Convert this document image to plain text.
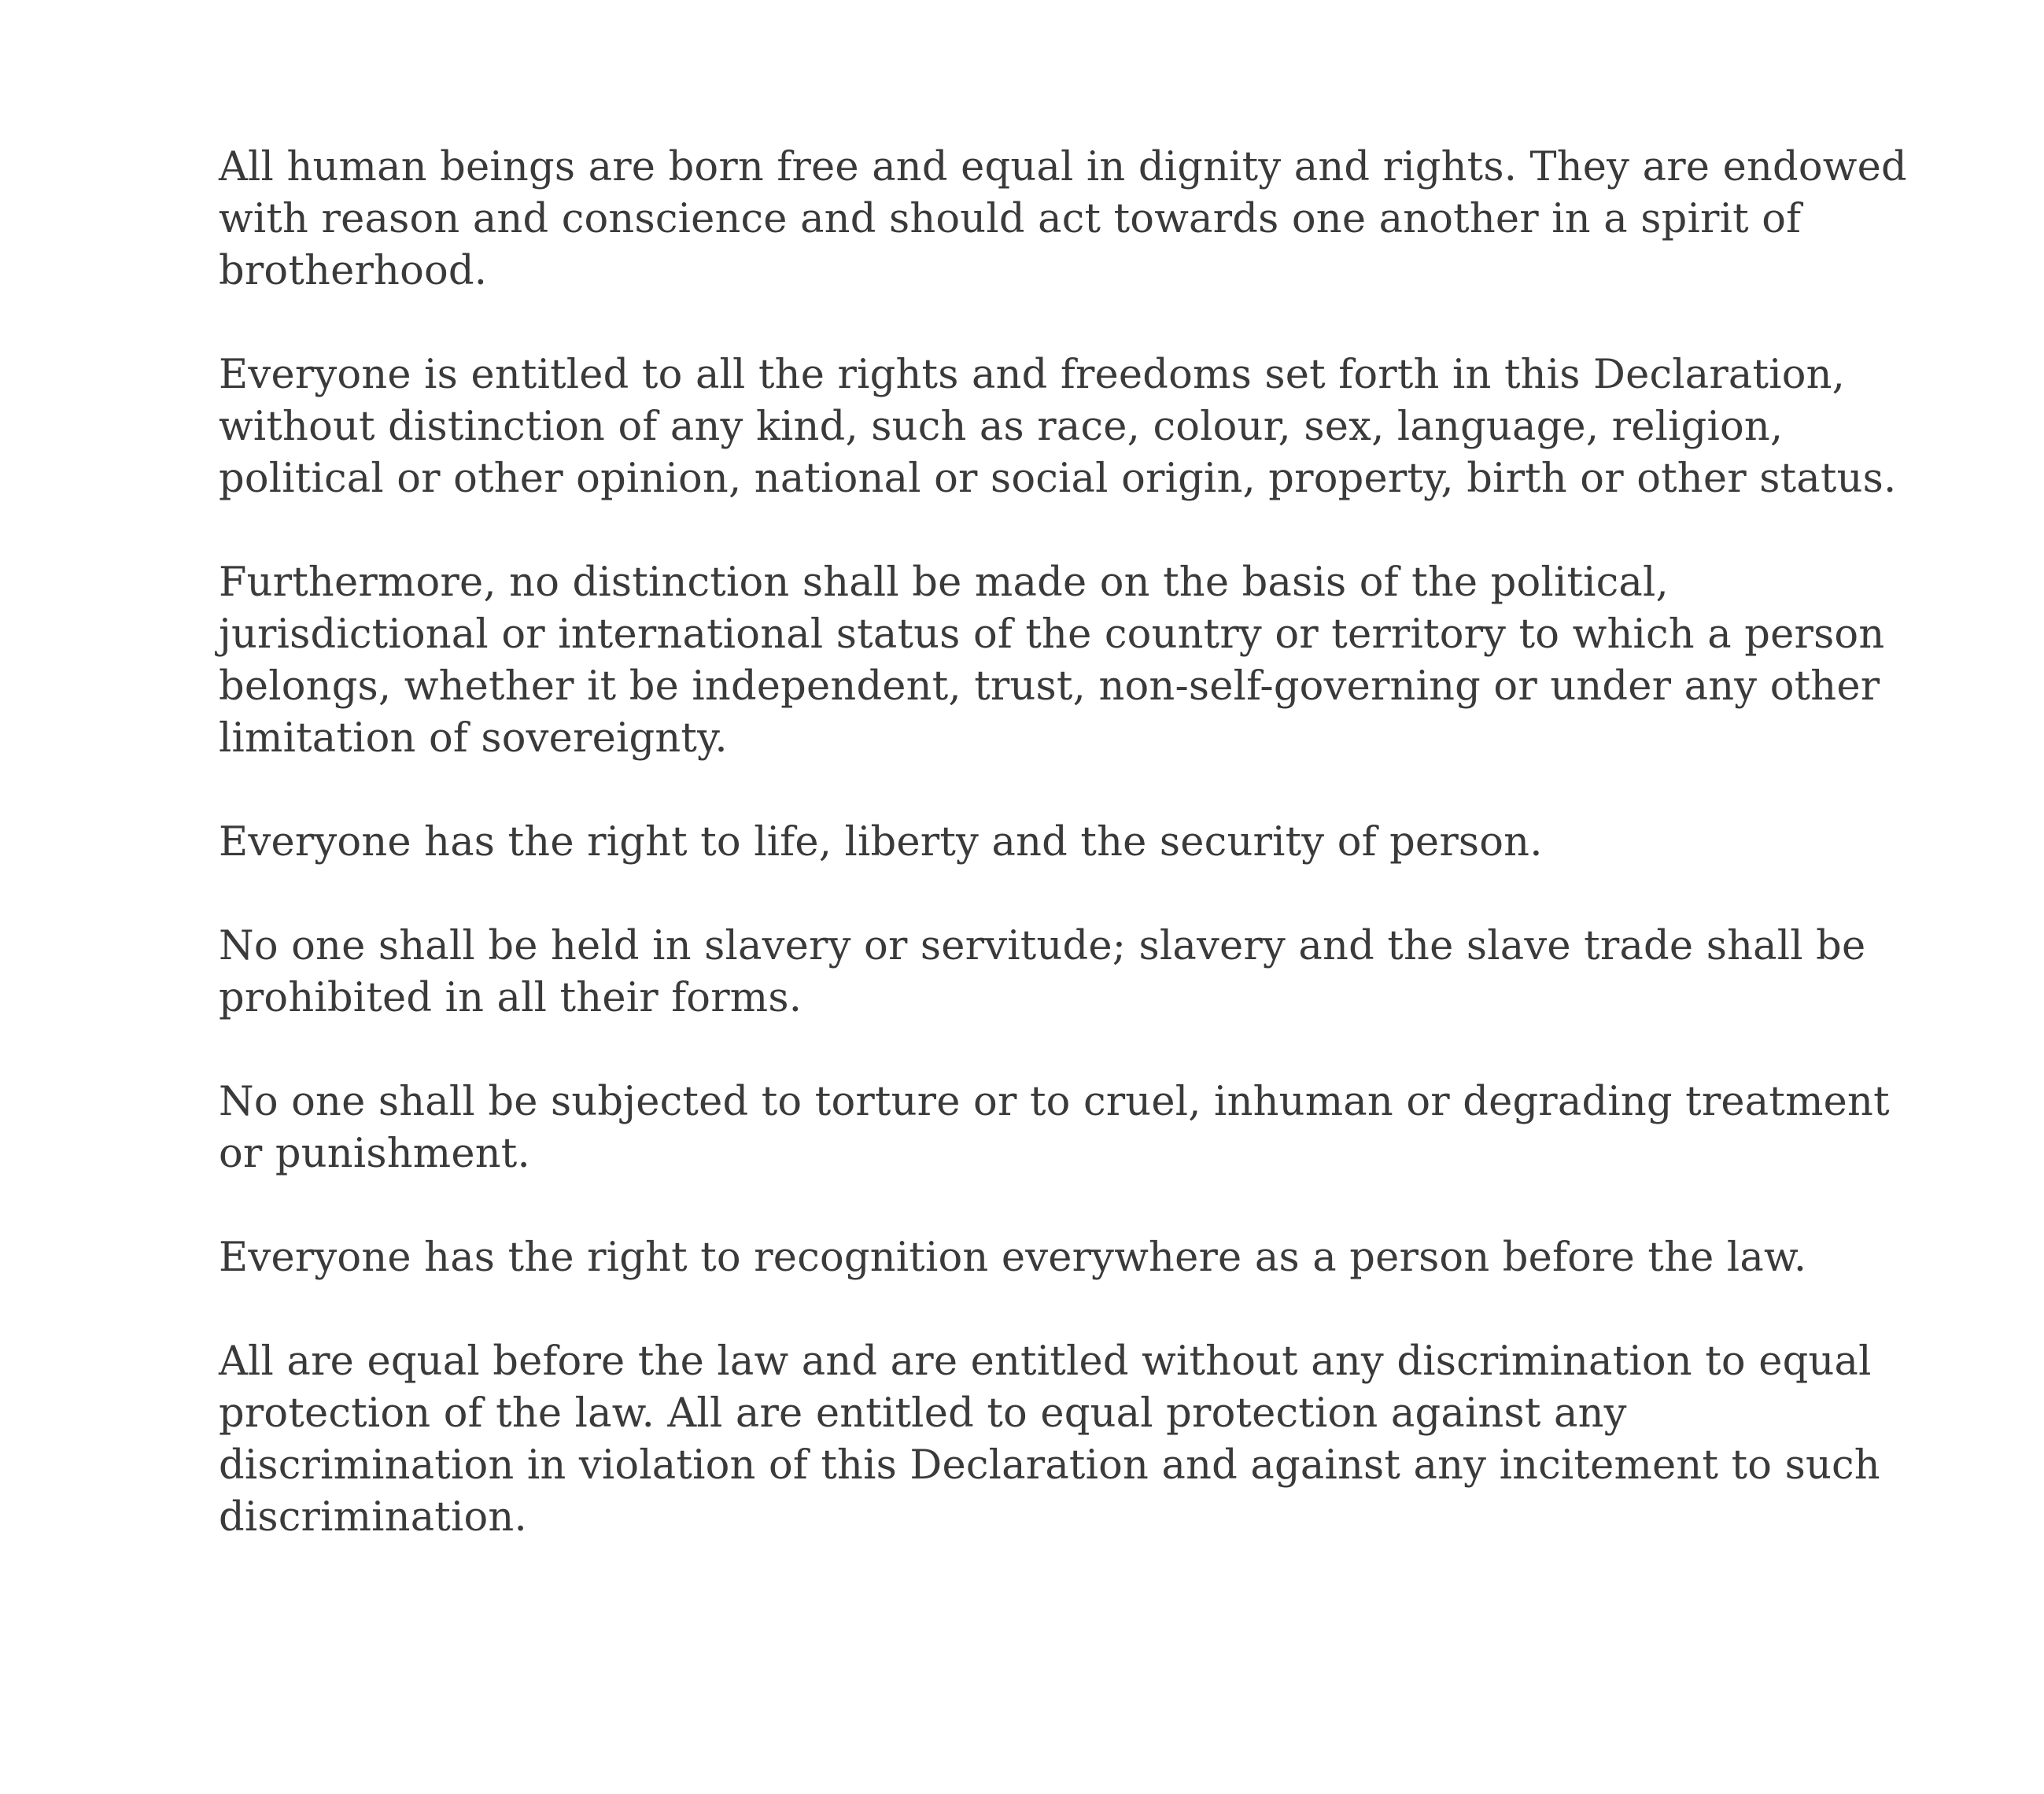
All human beings are born free and equal in dignity and rights. They are endowed with reason and conscience and should act towards one another in a spirit of brotherhood.

Everyone is entitled to all the rights and freedoms set forth in this Declaration, without distinction of any kind, such as race, colour, sex, language, religion, political or other opinion, national or social origin, property, birth or other status.

Furthermore, no distinction shall be made on the basis of the political, jurisdictional or international status of the country or territory to which a person belongs, whether it be independent, trust, non-self-governing or under any other limitation of sovereignty.

Everyone has the right to life, liberty and the security of person.

No one shall be held in slavery or servitude; slavery and the slave trade shall be prohibited in all their forms.

No one shall be subjected to torture or to cruel, inhuman or degrading treatment or punishment.

Everyone has the right to recognition everywhere as a person before the law.

All are equal before the law and are entitled without any discrimination to equal protection of the law. All are entitled to equal protection against any discrimination in violation of this Declaration and against any incitement to such discrimination.
